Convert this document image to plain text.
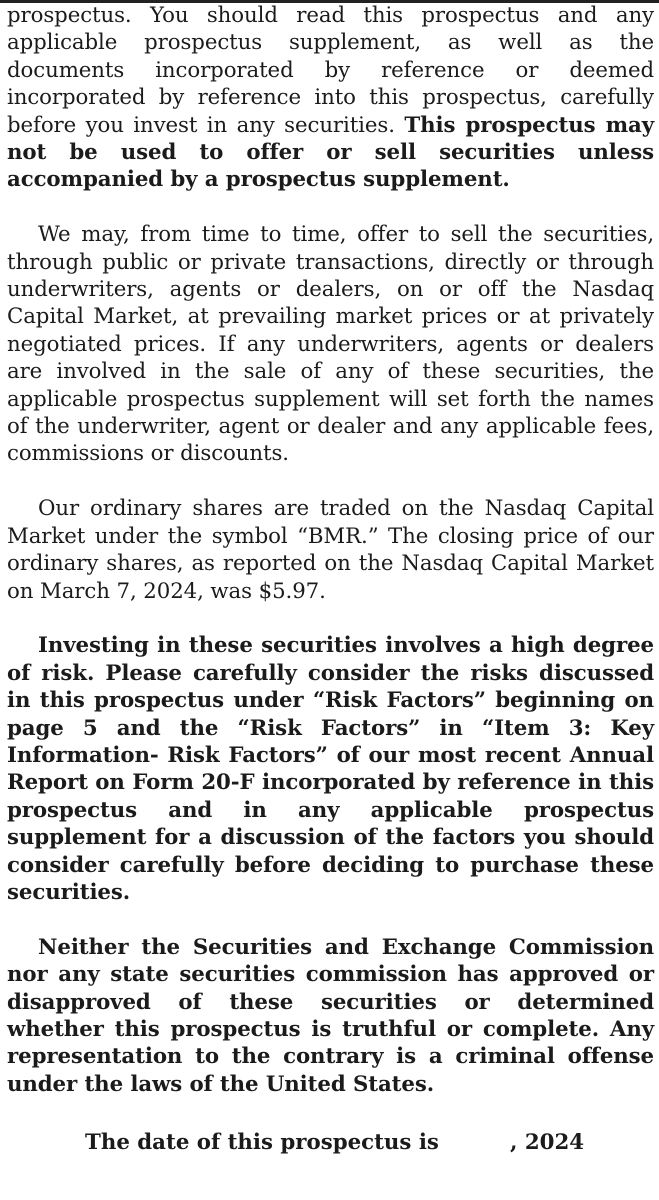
prospectus. You should read this prospectus and any applicable prospectus supplement, as well as the documents incorporated by reference or deemed incorporated by reference into this prospectus, carefully before you invest in any securities. This prospectus may not be used to offer or sell securities unless accompanied by a prospectus supplement.

We may, from time to time, offer to sell the securities, through public or private transactions, directly or through underwriters, agents or dealers, on or off the Nasdaq Capital Market, at prevailing market prices or at privately negotiated prices. If any underwriters, agents or dealers are involved in the sale of any of these securities, the applicable prospectus supplement will set forth the names of the underwriter, agent or dealer and any applicable fees, commissions or discounts.

Our ordinary shares are traded on the Nasdaq Capital Market under the symbol “BMR.” The closing price of our ordinary shares, as reported on the Nasdaq Capital Market on March 7, 2024, was $5.97.

Investing in these securities involves a high degree of risk. Please carefully consider the risks discussed in this prospectus under “Risk Factors” beginning on page 5 and the “Risk Factors” in “Item 3: Key Information- Risk Factors” of our most recent Annual Report on Form 20-F incorporated by reference in this prospectus and in any applicable prospectus supplement for a discussion of the factors you should consider carefully before deciding to purchase these securities.

Neither the Securities and Exchange Commission nor any state securities commission has approved or disapproved of these securities or determined whether this prospectus is truthful or complete. Any representation to the contrary is a criminal offense under the laws of the United States.

The date of this prospectus is	, 2024
